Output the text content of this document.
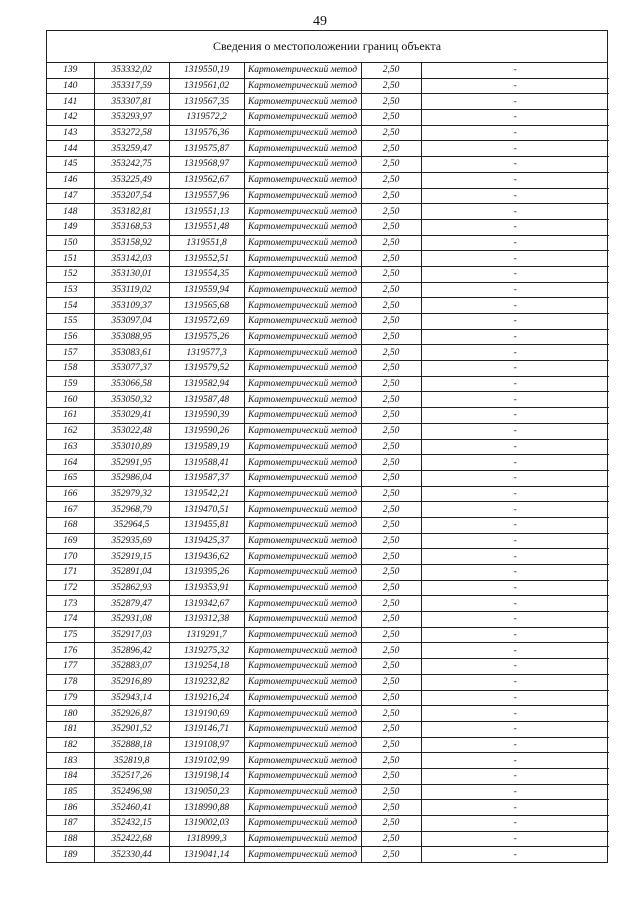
49
Сведения о местоположении границ объекта
139	353332,02	1319550,19	Картометрический метод	2,50	-
140	353317,59	1319561,02	Картометрический метод	2,50	-
141	353307,81	1319567,35	Картометрический метод	2,50	-
142	353293,97	1319572,2	Картометрический метод	2,50	-
143	353272,58	1319576,36	Картометрический метод	2,50	-
144	353259,47	1319575,87	Картометрический метод	2,50	-
145	353242,75	1319568,97	Картометрический метод	2,50	-
146	353225,49	1319562,67	Картометрический метод	2,50	-
147	353207,54	1319557,96	Картометрический метод	2,50	-
148	353182,81	1319551,13	Картометрический метод	2,50	-
149	353168,53	1319551,48	Картометрический метод	2,50	-
150	353158,92	1319551,8	Картометрический метод	2,50	-
151	353142,03	1319552,51	Картометрический метод	2,50	-
152	353130,01	1319554,35	Картометрический метод	2,50	-
153	353119,02	1319559,94	Картометрический метод	2,50	-
154	353109,37	1319565,68	Картометрический метод	2,50	-
155	353097,04	1319572,69	Картометрический метод	2,50	-
156	353088,95	1319575,26	Картометрический метод	2,50	-
157	353083,61	1319577,3	Картометрический метод	2,50	-
158	353077,37	1319579,52	Картометрический метод	2,50	-
159	353066,58	1319582,94	Картометрический метод	2,50	-
160	353050,32	1319587,48	Картометрический метод	2,50	-
161	353029,41	1319590,39	Картометрический метод	2,50	-
162	353022,48	1319590,26	Картометрический метод	2,50	-
163	353010,89	1319589,19	Картометрический метод	2,50	-
164	352991,95	1319588,41	Картометрический метод	2,50	-
165	352986,04	1319587,37	Картометрический метод	2,50	-
166	352979,32	1319542,21	Картометрический метод	2,50	-
167	352968,79	1319470,51	Картометрический метод	2,50	-
168	352964,5	1319455,81	Картометрический метод	2,50	-
169	352935,69	1319425,37	Картометрический метод	2,50	-
170	352919,15	1319436,62	Картометрический метод	2,50	-
171	352891,04	1319395,26	Картометрический метод	2,50	-
172	352862,93	1319353,91	Картометрический метод	2,50	-
173	352879,47	1319342,67	Картометрический метод	2,50	-
174	352931,08	1319312,38	Картометрический метод	2,50	-
175	352917,03	1319291,7	Картометрический метод	2,50	-
176	352896,42	1319275,32	Картометрический метод	2,50	-
177	352883,07	1319254,18	Картометрический метод	2,50	-
178	352916,89	1319232,82	Картометрический метод	2,50	-
179	352943,14	1319216,24	Картометрический метод	2,50	-
180	352926,87	1319190,69	Картометрический метод	2,50	-
181	352901,52	1319146,71	Картометрический метод	2,50	-
182	352888,18	1319108,97	Картометрический метод	2,50	-
183	352819,8	1319102,99	Картометрический метод	2,50	-
184	352517,26	1319198,14	Картометрический метод	2,50	-
185	352496,98	1319050,23	Картометрический метод	2,50	-
186	352460,41	1318990,88	Картометрический метод	2,50	-
187	352432,15	1319002,03	Картометрический метод	2,50	-
188	352422,68	1318999,3	Картометрический метод	2,50	-
189	352330,44	1319041,14	Картометрический метод	2,50	-
